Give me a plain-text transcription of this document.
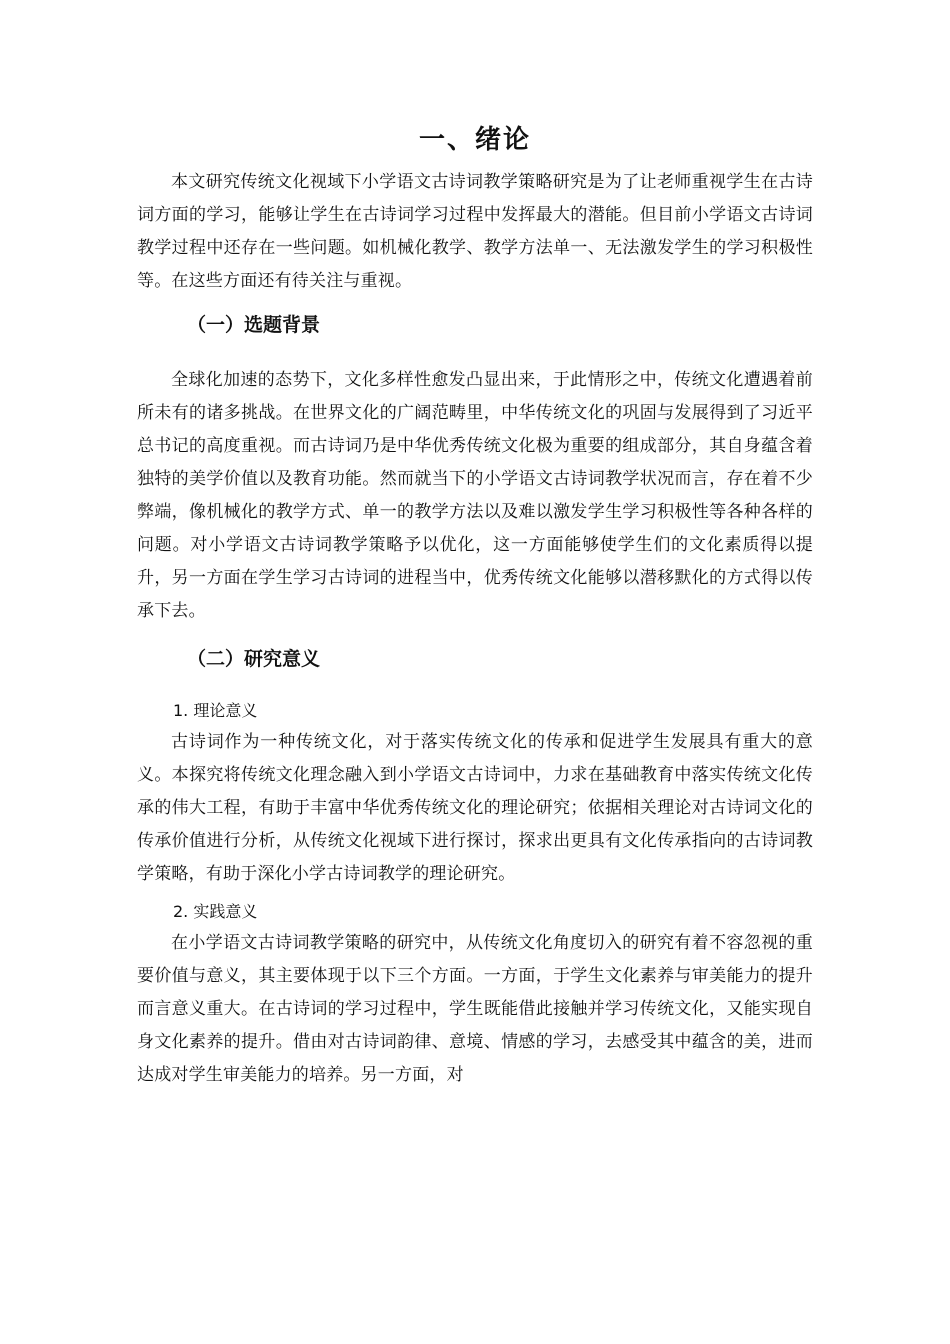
一、绪论

本文研究传统文化视域下小学语文古诗词教学策略研究是为了让老师重视学生在古诗词方面的学习，能够让学生在古诗词学习过程中发挥最大的潜能。但目前小学语文古诗词教学过程中还存在一些问题。如机械化教学、教学方法单一、无法激发学生的学习积极性等。在这些方面还有待关注与重视。

（一）选题背景

全球化加速的态势下，文化多样性愈发凸显出来，于此情形之中，传统文化遭遇着前所未有的诸多挑战。在世界文化的广阔范畴里，中华传统文化的巩固与发展得到了习近平总书记的高度重视。而古诗词乃是中华优秀传统文化极为重要的组成部分，其自身蕴含着独特的美学价值以及教育功能。然而就当下的小学语文古诗词教学状况而言，存在着不少弊端，像机械化的教学方式、单一的教学方法以及难以激发学生学习积极性等各种各样的问题。对小学语文古诗词教学策略予以优化，这一方面能够使学生们的文化素质得以提升，另一方面在学生学习古诗词的进程当中，优秀传统文化能够以潜移默化的方式得以传承下去。

（二）研究意义
1. 理论意义

古诗词作为一种传统文化，对于落实传统文化的传承和促进学生发展具有重大的意义。本探究将传统文化理念融入到小学语文古诗词中，力求在基础教育中落实传统文化传承的伟大工程，有助于丰富中华优秀传统文化的理论研究；依据相关理论对古诗词文化的传承价值进行分析，从传统文化视域下进行探讨，探求出更具有文化传承指向的古诗词教学策略，有助于深化小学古诗词教学的理论研究。

2. 实践意义

在小学语文古诗词教学策略的研究中，从传统文化角度切入的研究有着不容忽视的重要价值与意义，其主要体现于以下三个方面。一方面，于学生文化素养与审美能力的提升而言意义重大。在古诗词的学习过程中，学生既能借此接触并学习传统文化，又能实现自身文化素养的提升。借由对古诗词韵律、意境、情感的学习，去感受其中蕴含的美，进而达成对学生审美能力的培养。另一方面，对
